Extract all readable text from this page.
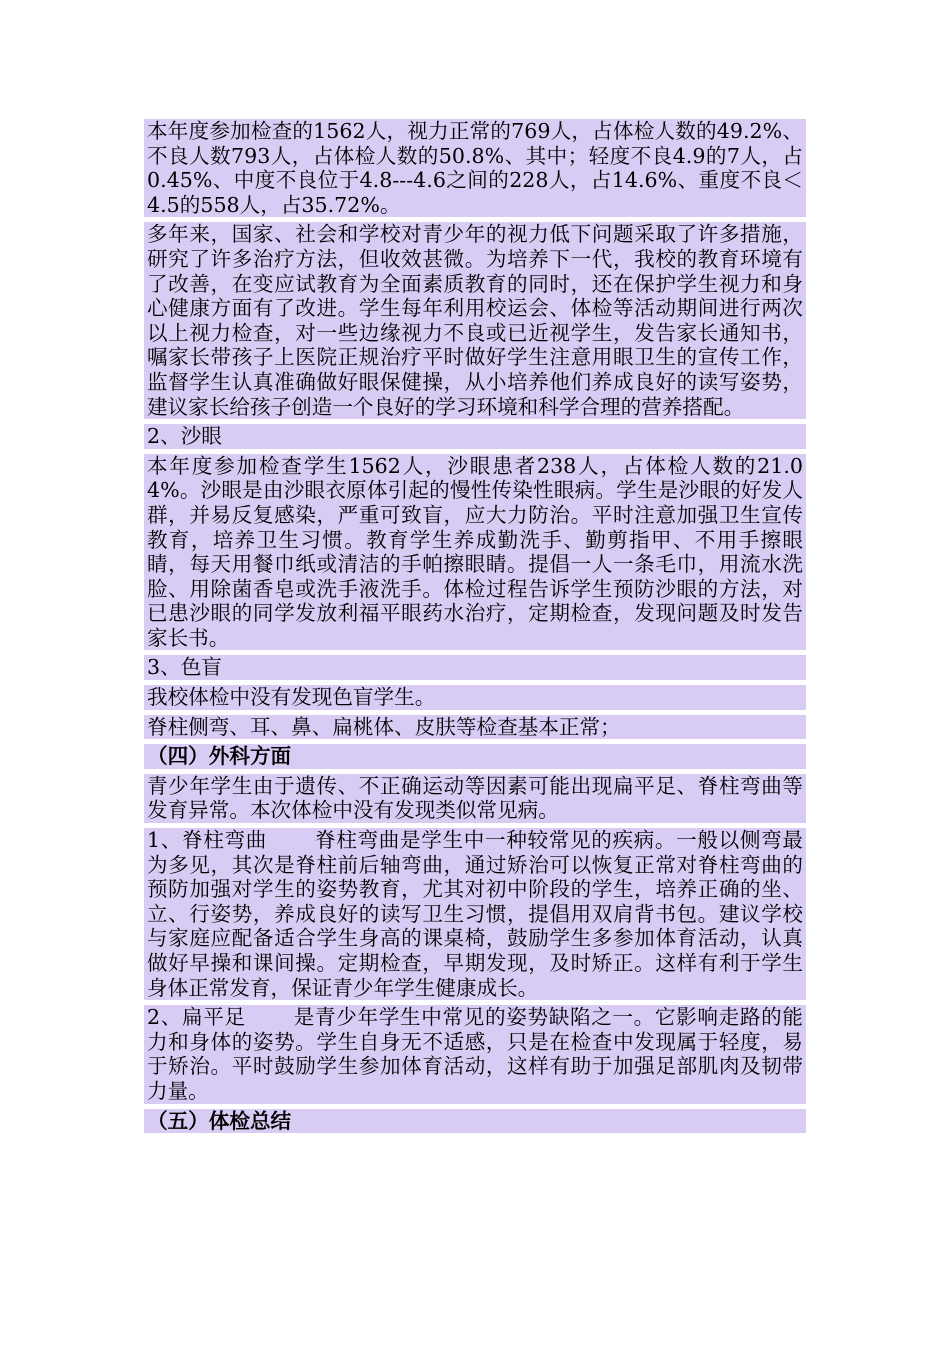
本年度参加检查的1562人，视力正常的769人，占体检人数的49.2%、不良人数793人，占体检人数的50.8%、其中；轻度不良4.9的7人，占0.45%、中度不良位于4.8---4.6之间的228人，占14.6%、重度不良＜4.5的558人，占35.72%。

多年来，国家、社会和学校对青少年的视力低下问题采取了许多措施，研究了许多治疗方法，但收效甚微。为培养下一代，我校的教育环境有了改善，在变应试教育为全面素质教育的同时，还在保护学生视力和身心健康方面有了改进。学生每年利用校运会、体检等活动期间进行两次以上视力检查，对一些边缘视力不良或已近视学生，发告家长通知书，嘱家长带孩子上医院正规治疗平时做好学生注意用眼卫生的宣传工作，监督学生认真准确做好眼保健操，从小培养他们养成良好的读写姿势，建议家长给孩子创造一个良好的学习环境和科学合理的营养搭配。

2、沙眼

本年度参加检查学生1562人，沙眼患者238人，占体检人数的21.04%。沙眼是由沙眼衣原体引起的慢性传染性眼病。学生是沙眼的好发人群，并易反复感染，严重可致盲，应大力防治。平时注意加强卫生宣传教育，培养卫生习惯。教育学生养成勤洗手、勤剪指甲、不用手擦眼睛，每天用餐巾纸或清洁的手帕擦眼睛。提倡一人一条毛巾，用流水洗脸、用除菌香皂或洗手液洗手。体检过程告诉学生预防沙眼的方法，对已患沙眼的同学发放利福平眼药水治疗，定期检查，发现问题及时发告家长书。

3、色盲

我校体检中没有发现色盲学生。

脊柱侧弯、耳、鼻、扁桃体、皮肤等检查基本正常；

（四）外科方面

青少年学生由于遗传、不正确运动等因素可能出现扁平足、脊柱弯曲等发育异常。本次体检中没有发现类似常见病。

1、脊柱弯曲 脊柱弯曲是学生中一种较常见的疾病。一般以侧弯最为多见，其次是脊柱前后轴弯曲，通过矫治可以恢复正常对脊柱弯曲的预防加强对学生的姿势教育，尤其对初中阶段的学生，培养正确的坐、立、行姿势，养成良好的读写卫生习惯，提倡用双肩背书包。建议学校与家庭应配备适合学生身高的课桌椅，鼓励学生多参加体育活动，认真做好早操和课间操。定期检查，早期发现，及时矫正。这样有利于学生身体正常发育，保证青少年学生健康成长。

2、扁平足 是青少年学生中常见的姿势缺陷之一。它影响走路的能力和身体的姿势。学生自身无不适感，只是在检查中发现属于轻度，易于矫治。平时鼓励学生参加体育活动，这样有助于加强足部肌肉及韧带力量。

（五）体检总结
